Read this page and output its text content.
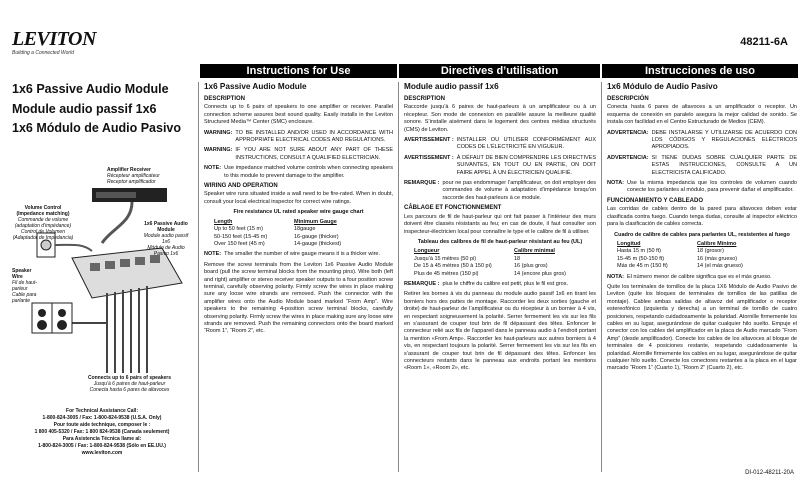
LEVITON
Building a Connected World
48211-6A
Instructions for Use	Directives d’utilisation	Instrucciones de uso
1x6 Passive Audio Module
Module audio passif 1x6
1x6 Módulo de Audio Pasivo
Amplifier Receiver
Récepteur amplificateur
Receptor amplificador
Volume Control (Impedance matching)
Commande de volume (adaptation d'impédance)
Control de Volumen (Adaptador de Impedancia)
1x6 Passive Audio Module
Module audio passif 1x6
Módulo de Audio Pasivo 1x6
Speaker Wire
Fil de haut-parleur
Cable para parlante
Connects up to 6 pairs of speakers
Jusqu'à 6 paires de haut-parleur
Conecta hasta 6 pares de altavoces
For Technical Assistance Call:
1-800-824-3005 / Fax: 1-800-824-9538 (U.S.A. Only)
Pour toute aide technique, composer le :
1 800 405-5320 / Fax: 1 800 824-9538 (Canada seulement)
Para Asistencia Técnica llame al:
1-800-824-3005 / Fax: 1-800-824-9538 (Sólo en EE.UU.)
www.leviton.com
1x6 Passive Audio Module
DESCRIPTION

Connects up to 6 pairs of speakers to one amplifier or receiver. Parallel connection scheme assures best sound quality. Easily installs in the Leviton Structured Media™ Center (SMC) enclosure.

WARNING: TO BE INSTALLED AND/OR USED IN ACCORDANCE WITH APPROPRIATE ELECTRICAL CODES AND REGULATIONS.
WARNING: IF YOU ARE NOT SURE ABOUT ANY PART OF THESE INSTRUCTIONS, CONSULT A QUALIFIED ELECTRICIAN.
NOTE: Use impedance matched volume controls when connecting speakers to this module to prevent damage to the amplifier.
WIRING AND OPERATION

Speaker wire runs situated inside a wall need to be fire-rated. When in doubt, consult your local electrical inspector for correct wire ratings.

Fire resistance UL rated speaker wire gauge chart
Length	Minimum Gauge
Up to 50 feet (15 m)	18gauge
50-150 feet (15-45 m)	16-gauge (thicker)
Over 150 feet (45 m)	14-gauge (thickest)
NOTE: The smaller the number of wire gauge means it is a thicker wire.

Remove the screw terminals from the Leviton 1x6 Passive Audio Module board (pull the screw terminal blocks from the mounting pins). Wire both (left and right) amplifier or stereo receiver speaker outputs to a four position screw terminal, carefully observing polarity. Firmly screw the wires in place making sure any loose wire strands are removed. Push the connector with the amplifier wires onto the Audio Module board marked “From Amp”. Wire speakers to the remaining 4-position screw terminal blocks, carefully observing polarity. Firmly screw the wires in place making sure any loose wire strands are removed. Push the remaining connectors onto the board marked “Room 1”, “Room 2”, etc.

Module audio passif 1x6
DESCRIPTION

Raccorde jusqu’à 6 paires de haut-parleurs à un amplificateur ou à un récepteur. Son mode de connexion en parallèle assure la meilleure qualité sonore. S’installe aisément dans le logement des centres médias structurés (CMS) de Leviton.

AVERTISSEMENT : INSTALLER OU UTILISER CONFORMÉMENT AUX CODES DE L’ÉLECTRICITÉ EN VIGUEUR.
AVERTISSEMENT : À DÉFAUT DE BIEN COMPRENDRE LES DIRECTIVES SUIVANTES, EN TOUT OU EN PARTIE, ON DOIT FAIRE APPEL À UN ÉLECTRICIEN QUALIFIÉ.
REMARQUE : pour ne pas endommager l’amplificateur, on doit employer des commandes de volume à adaptation d’impédance lorsqu’on raccorde des haut-parleurs à ce module.
CÂBLAGE ET FONCTIONNEMENT

Les parcours de fil de haut-parleur qui ont fait passer à l’intérieur des murs doivent être classés résistants au feu; en cas de doute, il faut consulter son inspecteur-électricien local pour connaître le type et le calibre de fil à utiliser.

Tableau des calibres de fil de haut-parleur résistant au feu (UL)
Longueur	Calibre minimal
Jusqu’à 15 mètres (50 pi)	18
De 15 à 45 mètres (50 à 150 pi)	16 (plus gros)
Plus de 45 mètres (150 pi)	14 (encore plus gros)
REMARQUE : plus le chiffre du calibre est petit, plus le fil est gros.

Retirer les bornes à vis du panneau du module audio passif 1x6 en tirant les borniers hors des pattes de montage. Raccorder les deux sorties (gauche et droite) de haut-parleur de l’amplificateur ou du récepteur à un bornier à 4 vis, en respectant soigneusement la polarité. Serrer fermement les vis sur les fils en s’assurant de couper tout brin de fil dépassant des têtes. Enfoncer le connecteur relié aux fils de l’appareil dans le panneau audio à l’endroit portant la mention «From Amp». Raccorder les haut-parleurs aux autres borniers à 4 vis, en respectant toujours la polarité. Serrer fermement les vis sur les fils en s’assurant de couper tout brin de fil dépassant des têtes. Enfoncer les connecteurs restants dans le panneau aux endroits portant les mentions «Room 1», «Room 2», etc.

1x6 Módulo de Audio Pasivo
DESCRIPCIÓN

Conecta hasta 6 pares de altavoces a un amplificador o receptor. Un esquema de conexión en paralelo asegura la mejor calidad de sonido. Se instala con facilidad en el Centro Estructurado de Medios (CEM).

ADVERTENCIA: DEBE INSTALARSE Y UTILIZARSE DE ACUERDO CON LOS CÓDIGOS Y REGULACIONES ELÉCTRICOS APROPIADOS.
ADVERTENCIA: SI TIENE DUDAS SOBRE CUALQUIER PARTE DE ESTAS INSTRUCCIONES, CONSULTE A UN ELECTRICISTA CALIFICADO.
NOTA: Use la misma impedancia que los controles de volumen cuando conecte los parlantes al módulo, para prevenir dañar el amplificador.
FUNCIONAMIENTO Y CABLEADO

Las corridas de cables dentro de la pared para altavoces deben estar clasificada contra fuego. Cuando tenga dudas, consulte al inspector eléctrico para la clasificación de cables correcta.

Cuadro de calibre de cables para parlantes UL, resistentes al fuego
Longitud	Calibre Mínimo
Hasta 15 m (50 ft)	18 (grosor)
15-45 m (50-150 ft)	16 (más grueso)
Más de 45 m (150 ft)	14 (el más grueso)
NOTA: El número menor de calibre significa que es el más grueso.

Quite los terminales de tornillos de la placa 1X6 Módulo de Audio Pasivo de Leviton (quite los bloques de terminales de tornillos de las patillas de montaje). Cablee ambas salidas de altavoz del amplificador o receptor estereofónico (izquierda y derecha) a un terminal de tornillo de cuatro posiciones, respetando cuidadosamente la polaridad. Atornille firmemente los cables en su lugar, asegurándose de quitar cualquier hilo suelto. Empuje el conector con los cables del amplificador en la placa de Audio marcado “From Amp” (desde amplificador). Conecte los cables de los altavoces al bloque de terminales de 4 posiciones restante, respetando cuidadosamente la polaridad. Atornille firmemente los cables en su lugar, asegurándose de quitar cualquier hilo suelto. Conecte los conectores restantes a la placa en el lugar marcado “Room 1” (Cuarto 1), “Room 2” (Cuarto 2), etc.

DI-012-48211-20A
